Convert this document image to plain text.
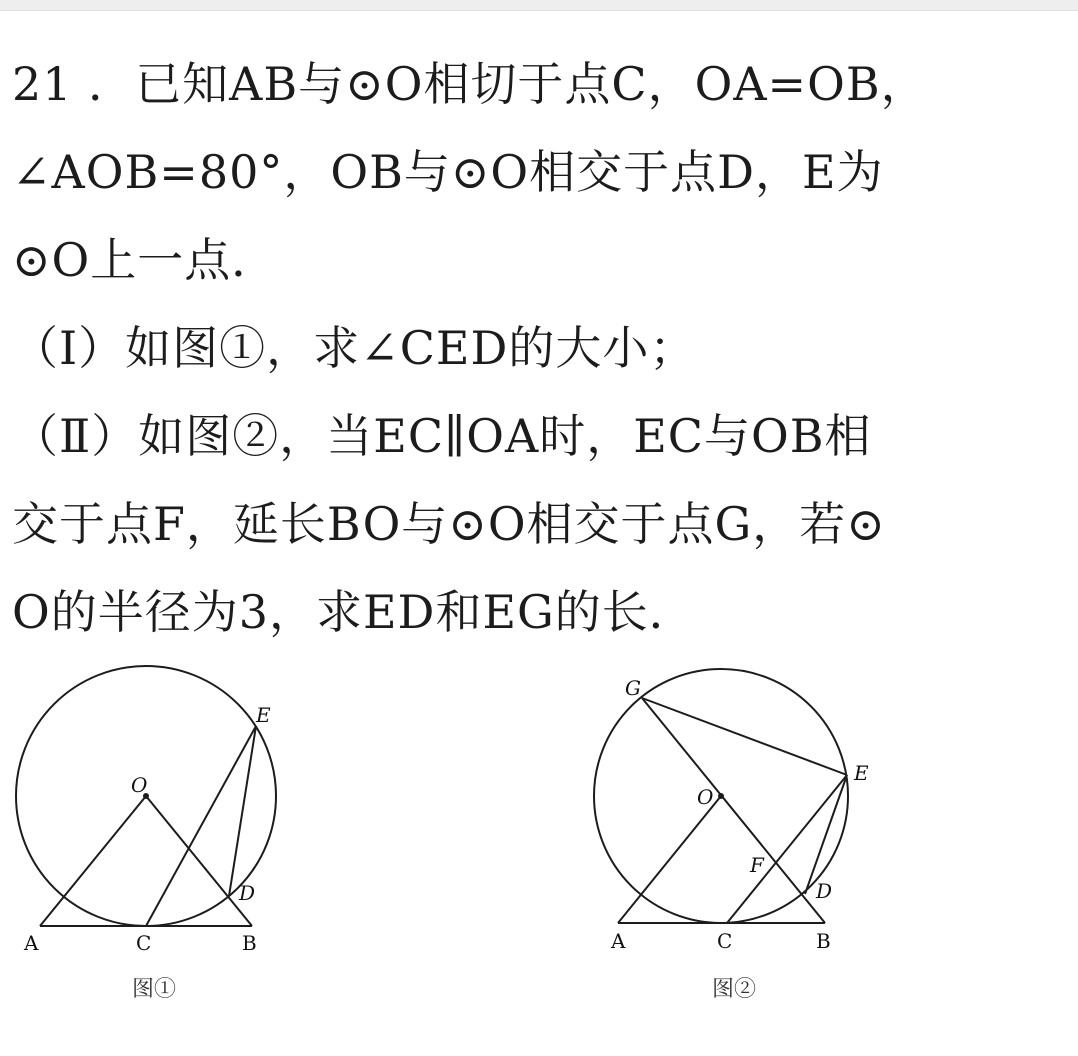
21 ．已知AB与⊙O相切于点C，OA=OB，
∠AOB=80°，OB与⊙O相交于点D，E为
⊙O上一点．
（Ⅰ）如图①，求∠CED的大小；
（Ⅱ）如图②，当EC∥OA时，EC与OB相
交于点F，延长BO与⊙O相交于点G，若⊙
O的半径为3，求ED和EG的长．
O
E
D
A	C	B
图①
G
E
O
F
D
A	C	B
图②
